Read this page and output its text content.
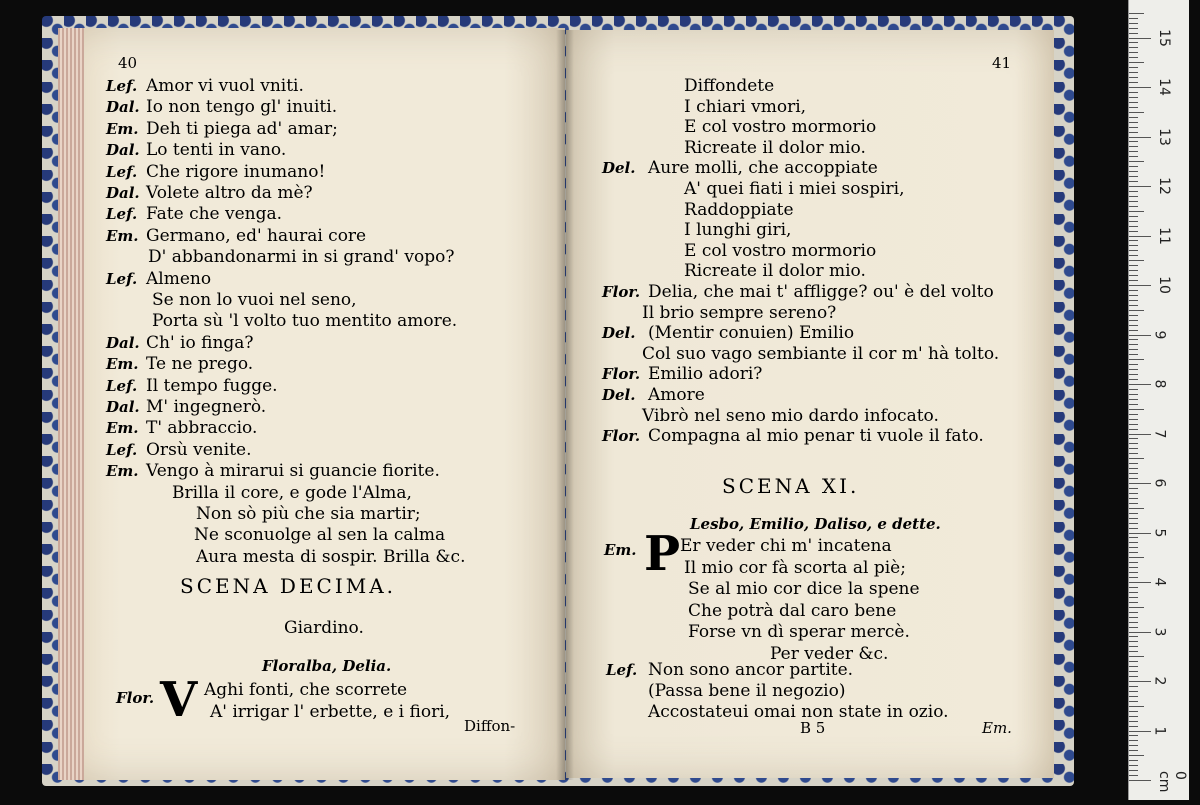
40
Lef. Amor vi vuol vniti.
Dal. Io non tengo gl' inuiti.
Em. Deh ti piega ad' amar;
Dal. Lo tenti in vano.
Lef. Che rigore inumano!
Dal. Volete altro da mè?
Lef. Fate che venga.
Em. Germano, ed' haurai core
D' abbandonarmi in si grand' vopo?
Lef. Almeno
Se non lo vuoi nel seno,
Porta sù 'l volto tuo mentito amore.
Dal. Ch' io finga?
Em. Te ne prego.
Lef. Il tempo fugge.
Dal. M' ingegnerò.
Em. T' abbraccio.
Lef. Orsù venite.
Em. Vengo à mirarui si guancie fiorite.
Brilla il core, e gode l'Alma,
Non sò più che sia martir;
Ne sconuolge al sen la calma
Aura mesta di sospir. Brilla &c.
SCENA DECIMA.
Giardino.
Floralba, Delia.
Flor. V Aghi fonti, che scorrete
A' irrigar l' erbette, e i fiori,
Diffon-
41
Diffondete
I chiari vmori,
E col vostro mormorio
Ricreate il dolor mio.
Del. Aure molli, che accoppiate
A' quei fiati i miei sospiri,
Raddoppiate
I lunghi giri,
E col vostro mormorio
Ricreate il dolor mio.
Flor. Delia, che mai t' affligge? ou' è del volto
Il brio sempre sereno?
Del. (Mentir conuien) Emilio
Col suo vago sembiante il cor m' hà tolto.
Flor. Emilio adori?
Del. Amore
Vibrò nel seno mio dardo infocato.
Flor. Compagna al mio penar ti vuole il fato.
SCENA XI.
Lesbo, Emilio, Daliso, e dette.
Em. P Er veder chi m' incatena
Il mio cor fà scorta al piè;
Se al mio cor dice la spene
Che potrà dal caro bene
Forse vn dì sperar mercè.
Per veder &c.
Lef. Non sono ancor partite.
(Passa bene il negozio)
Accostateui omai non state in ozio.
B 5	Em.
0 cm
1
2
3
4
5
6
7
8
9
10
11
12
13
14
15
